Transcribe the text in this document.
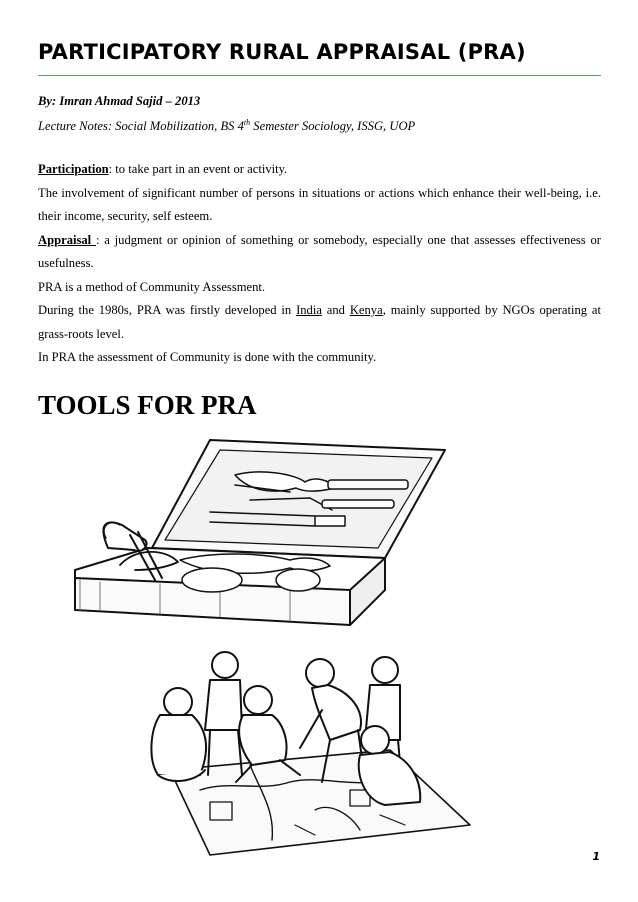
PARTICIPATORY RURAL APPRAISAL (PRA)
By: Imran Ahmad Sajid – 2013
Lecture Notes: Social Mobilization, BS 4th Semester Sociology, ISSG, UOP

Participation: to take part in an event or activity.

The involvement of significant number of persons in situations or actions which enhance their well-being, i.e. their income, security, self esteem.

Appraisal : a judgment or opinion of something or somebody, especially one that assesses effectiveness or usefulness.

PRA is a method of Community Assessment.

During the 1980s, PRA was firstly developed in India and Kenya, mainly supported by NGOs operating at grass-roots level.

In PRA the assessment of Community is done with the community.

TOOLS FOR PRA
1
